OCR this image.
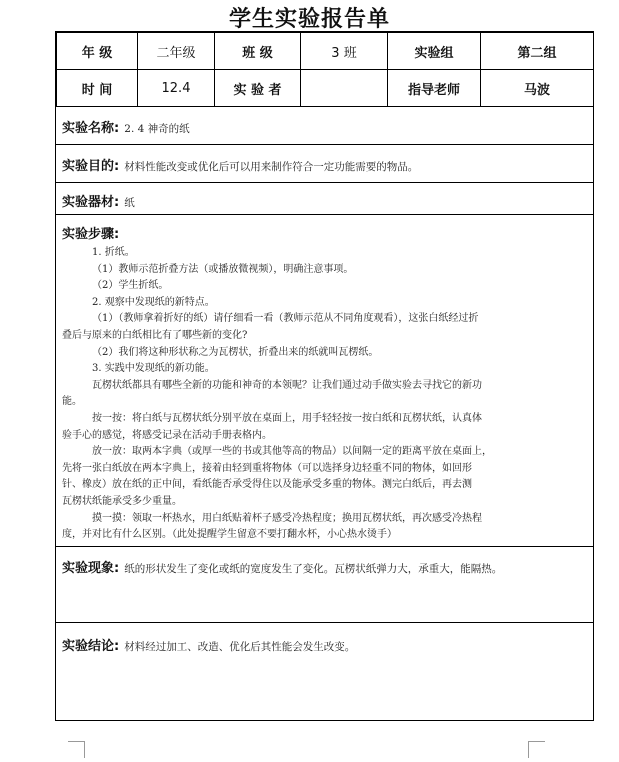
学生实验报告单
年 级	二年级	班 级	3 班	实验组	第二组
时 间	12.4	实 验 者		指导老师	马波
实验名称: 2. 4 神奇的纸
实验目的: 材料性能改变或优化后可以用来制作符合一定功能需要的物品。
实验器材: 纸
实验步骤:

1. 折纸。

（1）教师示范折叠方法（或播放微视频），明确注意事项。

（2）学生折纸。

2. 观察中发现纸的新特点。

（1）（教师拿着折好的纸）请仔细看一看（教师示范从不同角度观看），这张白纸经过折

叠后与原来的白纸相比有了哪些新的变化?

（2）我们将这种形状称之为瓦楞状，折叠出来的纸就叫瓦楞纸。

3. 实践中发现纸的新功能。

瓦楞状纸都具有哪些全新的功能和神奇的本领呢？让我们通过动手做实验去寻找它的新功

能。

按一按：将白纸与瓦楞状纸分别平放在桌面上，用手轻轻按一按白纸和瓦楞状纸，认真体

验手心的感觉，将感受记录在活动手册表格内。

放一放：取两本字典（或厚一些的书或其他等高的物品）以间隔一定的距离平放在桌面上，

先将一张白纸放在两本字典上，接着由轻到重将物体（可以选择身边轻重不同的物体，如回形

针、橡皮）放在纸的正中间，看纸能否承受得住以及能承受多重的物体。测完白纸后，再去测

瓦楞状纸能承受多少重量。

摸一摸：领取一杯热水，用白纸贴着杯子感受冷热程度；换用瓦楞状纸，再次感受冷热程

度，并对比有什么区别。（此处提醒学生留意不要打翻水杯，小心热水烫手）

实验现象: 纸的形状发生了变化或纸的宽度发生了变化。瓦楞状纸弹力大，承重大，能隔热。
实验结论: 材料经过加工、改造、优化后其性能会发生改变。
